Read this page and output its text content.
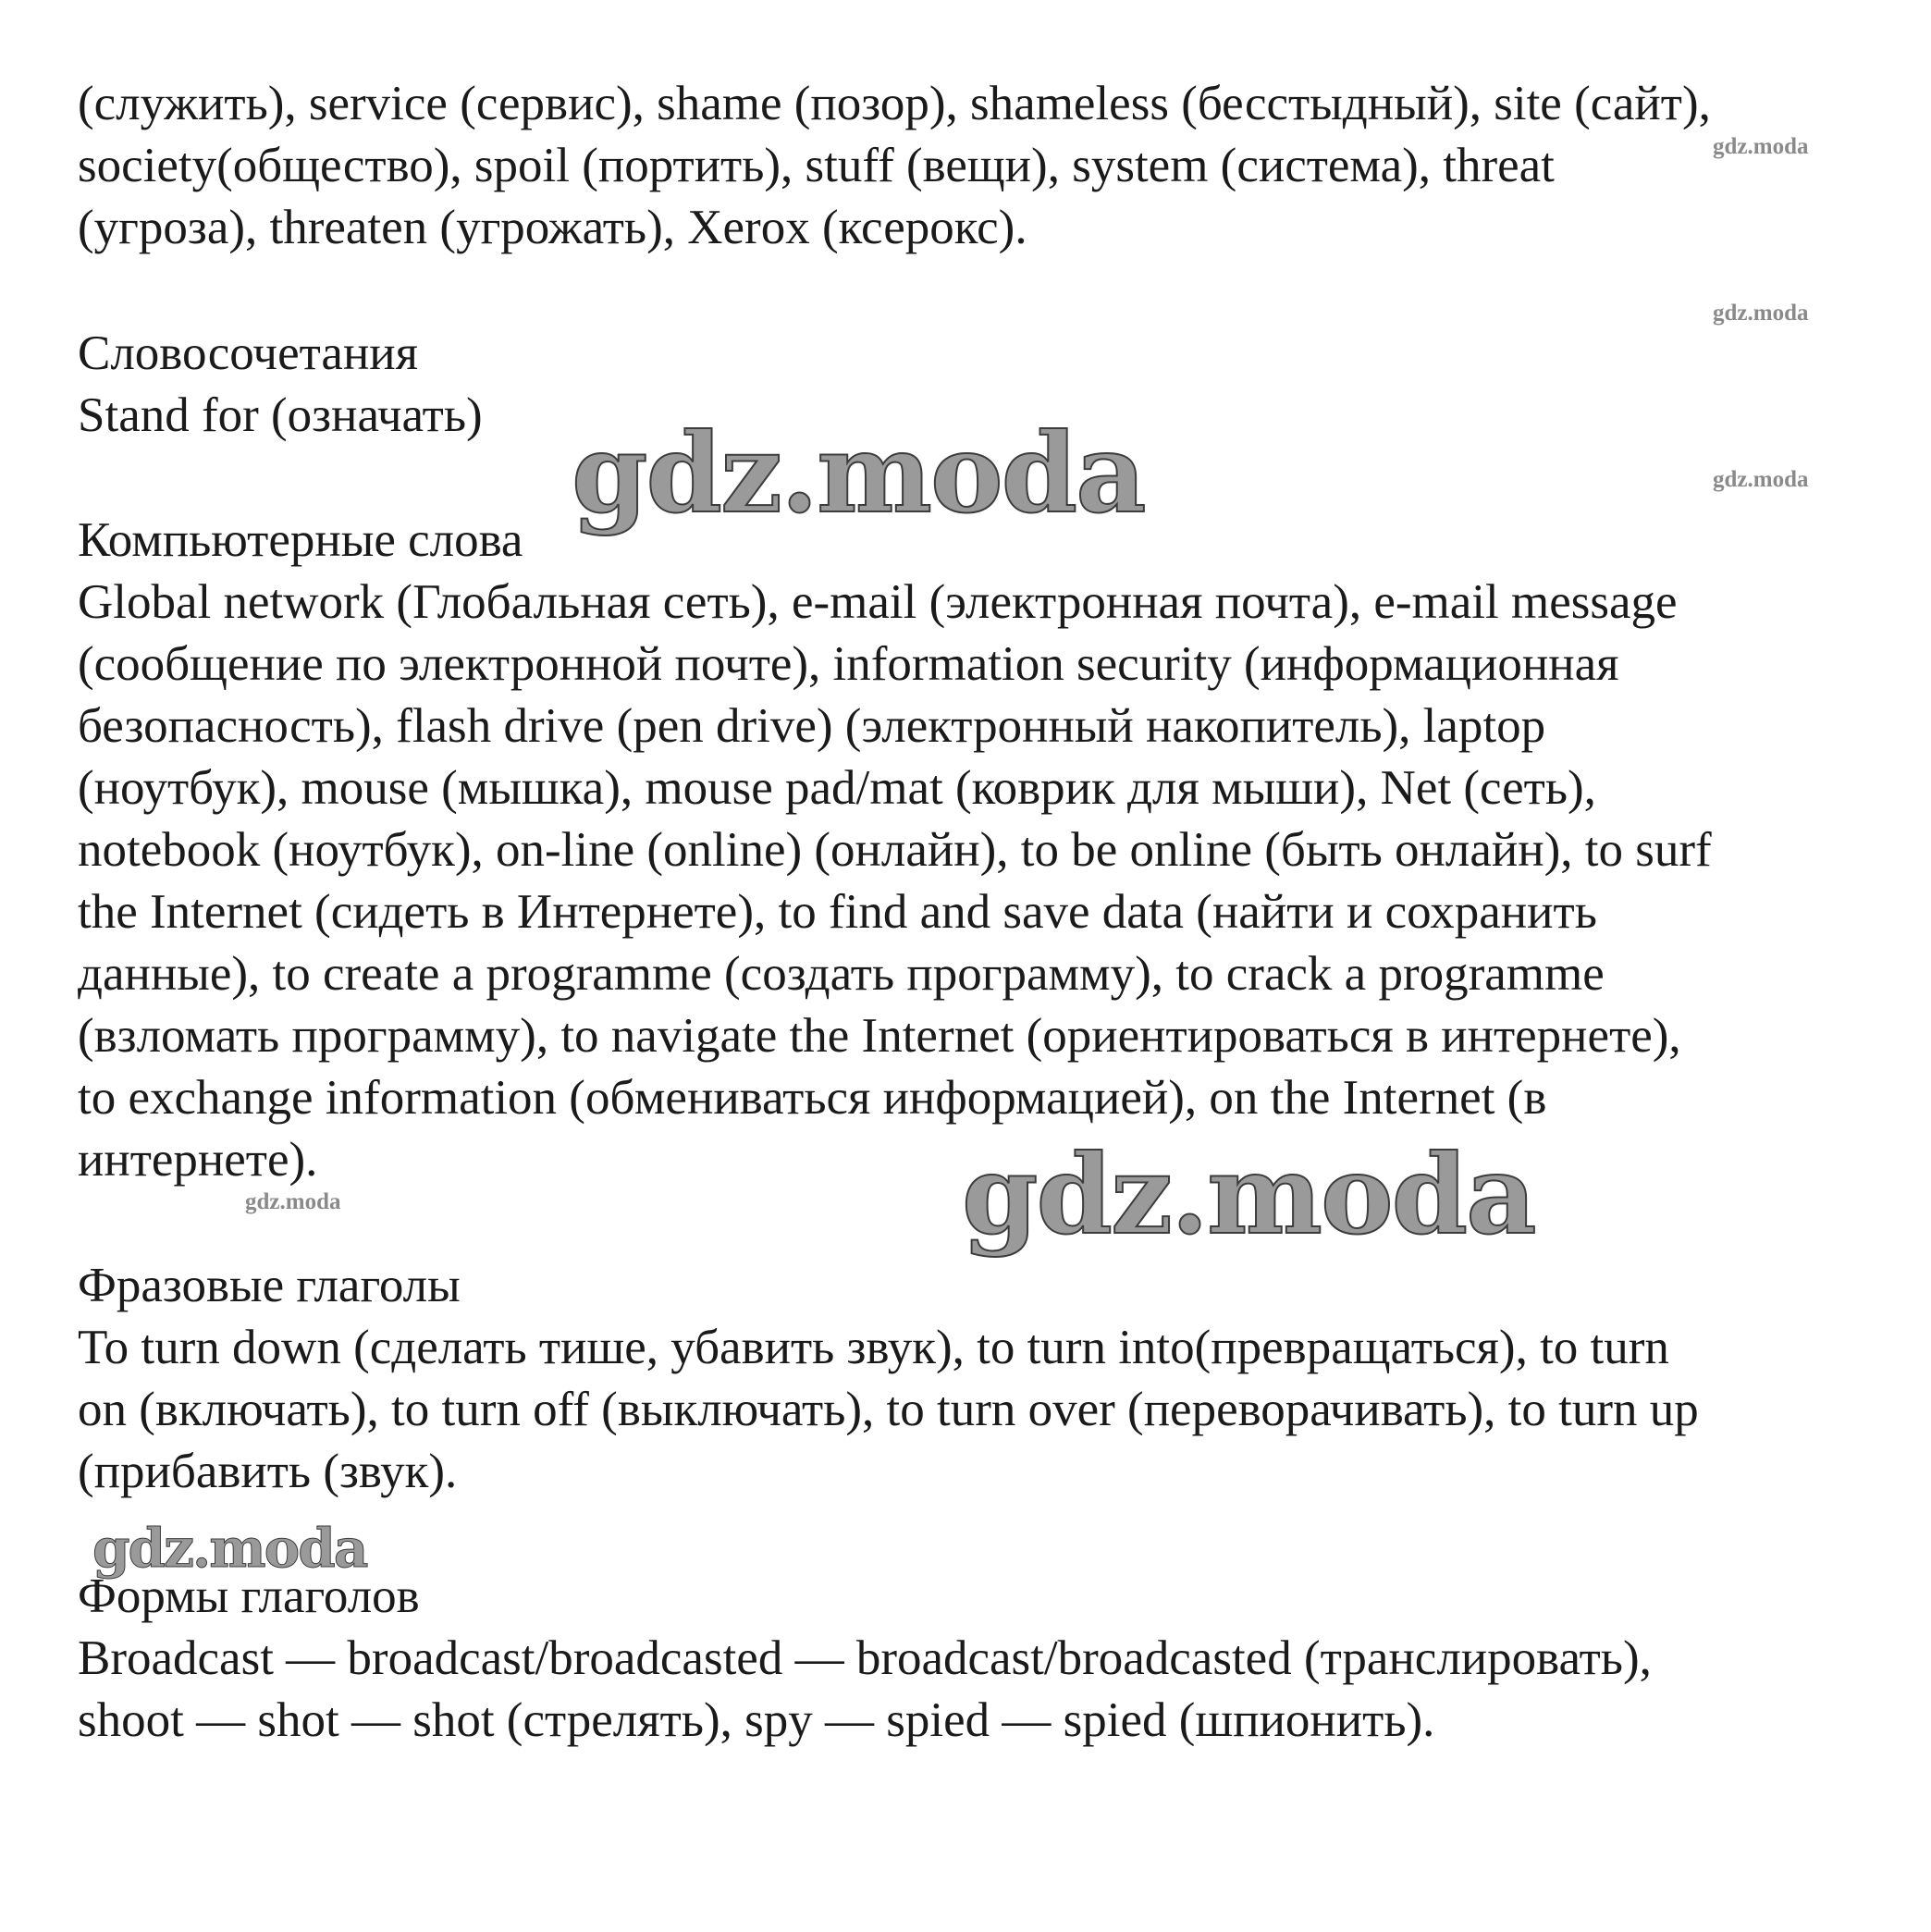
(служить), service (сервис), shame (позор), shameless (бесстыдный), site (сайт),

society(общество), spoil (портить), stuff (вещи), system (система), threat

(угроза), threaten (угрожать), Xerox (ксерокс).

Словосочетания

Stand for (означать)

Компьютерные слова

Global network (Глобальная сеть), e-mail (электронная почта), e-mail message

(сообщение по электронной почте), information security (информационная

безопасность), flash drive (pen drive) (электронный накопитель), laptop

(ноутбук), mouse (мышка), mouse pad/mat (коврик для мыши), Net (сеть),

notebook (ноутбук), on-line (online) (онлайн), to be online (быть онлайн), to surf

the Internet (сидеть в Интернете), to find and save data (найти и сохранить

данные), to create a programme (создать программу), to crack a programme

(взломать программу), to navigate the Internet (ориентироваться в интернете),

to exchange information (обмениваться информацией), on the Internet (в

интернете).

Фразовые глаголы

To turn down (сделать тише, убавить звук), to turn into(превращаться), to turn

on (включать), to turn off (выключать), to turn over (переворачивать), to turn up

(прибавить (звук).

Формы глаголов

Broadcast — broadcast/broadcasted — broadcast/broadcasted (транслировать),

shoot — shot — shot (стрелять), spy — spied — spied (шпионить).

gdz.moda
gdz.moda
gdz.moda
gdz.moda
gdz.moda
gdz.moda
gdz.moda
